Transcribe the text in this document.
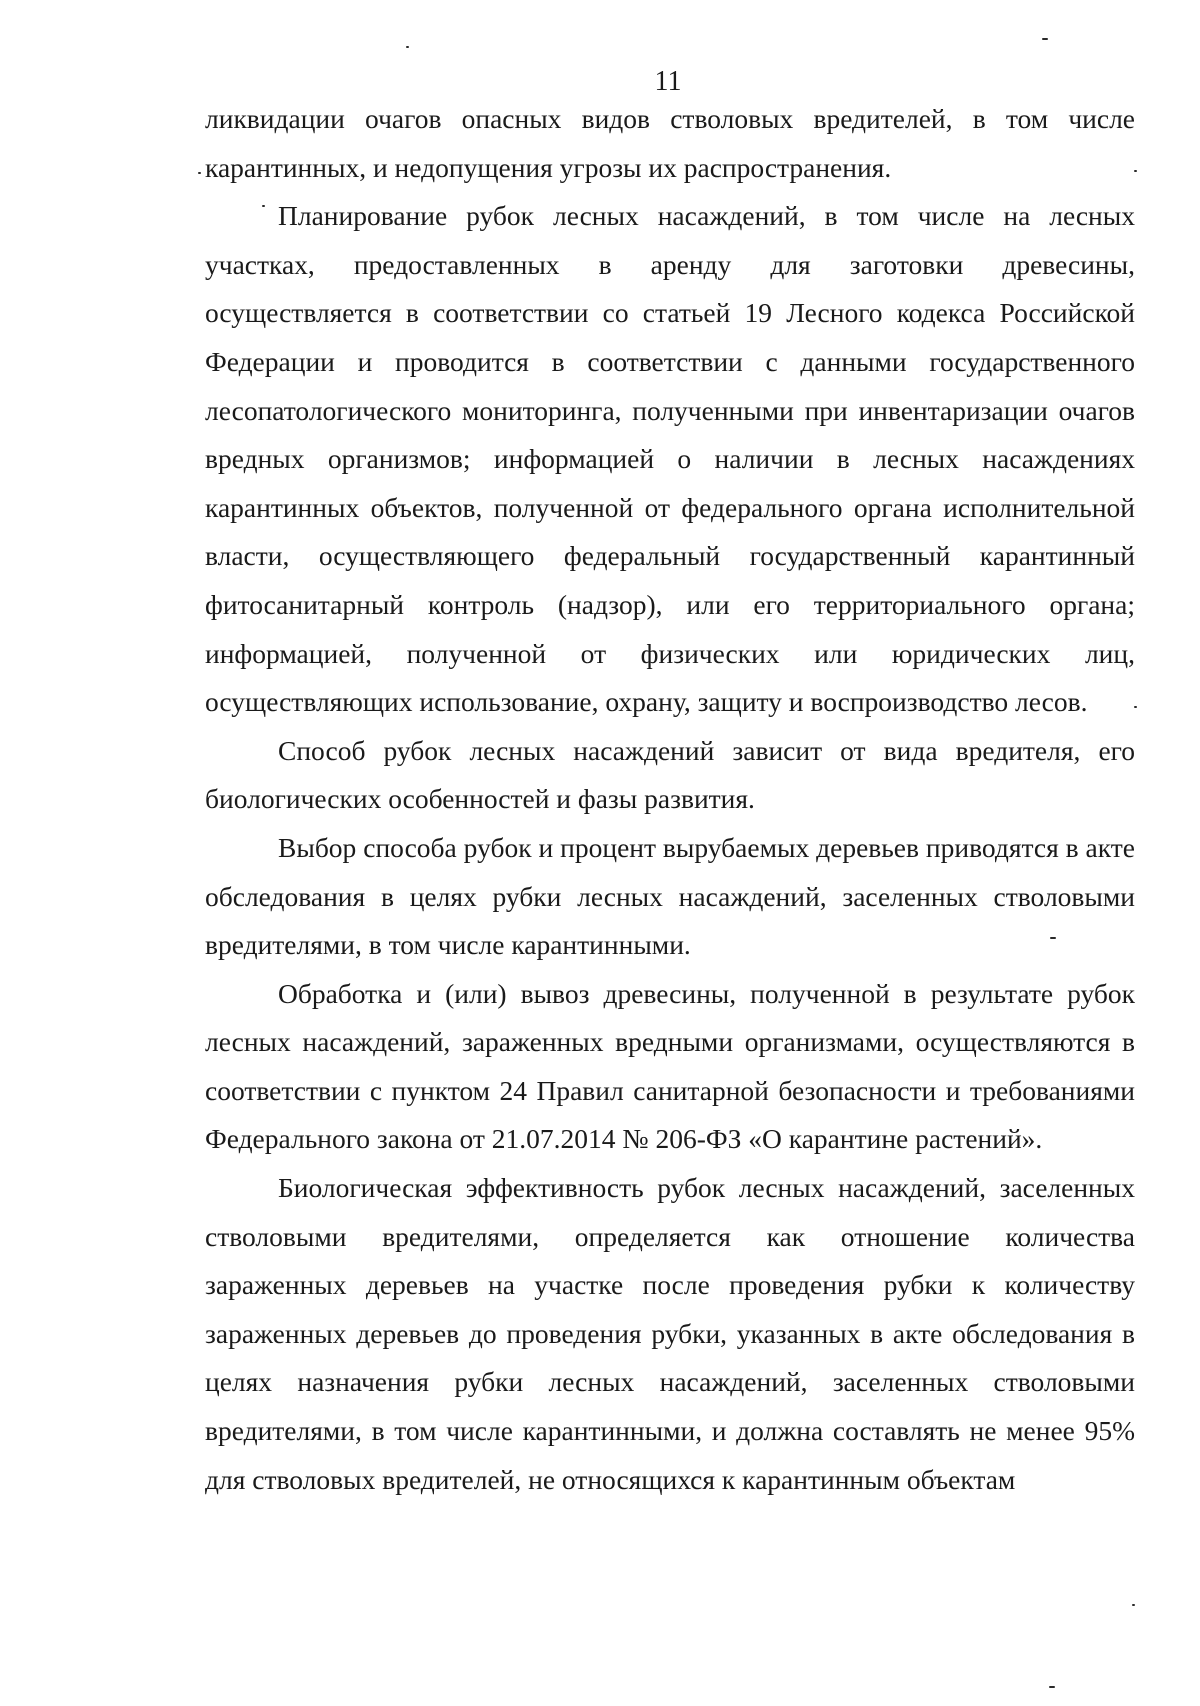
11

ликвидации очагов опасных видов стволовых вредителей, в том числе карантинных, и недопущения угрозы их распространения.

Планирование рубок лесных насаждений, в том числе на лесных участках, предоставленных в аренду для заготовки древесины, осуществляется в соответствии со статьей 19 Лесного кодекса Российской Федерации и проводится в соответствии с данными государственного лесопатологического мониторинга, полученными при инвентаризации очагов вредных организмов; информацией о наличии в лесных насаждениях карантинных объектов, полученной от федерального органа исполнительной власти, осуществляющего федеральный государственный карантинный фитосанитарный контроль (надзор), или его территориального органа; информацией, полученной от физических или юридических лиц, осуществляющих использование, охрану, защиту и воспроизводство лесов.

Способ рубок лесных насаждений зависит от вида вредителя, его биологических особенностей и фазы развития.

Выбор способа рубок и процент вырубаемых деревьев приводятся в акте обследования в целях рубки лесных насаждений, заселенных стволовыми вредителями, в том числе карантинными.

Обработка и (или) вывоз древесины, полученной в результате рубок лесных насаждений, зараженных вредными организмами, осуществляются в соответствии с пунктом 24 Правил санитарной безопасности и требованиями Федерального закона от 21.07.2014 № 206-ФЗ «О карантине растений».

Биологическая эффективность рубок лесных насаждений, заселенных стволовыми вредителями, определяется как отношение количества зараженных деревьев на участке после проведения рубки к количеству зараженных деревьев до проведения рубки, указанных в акте обследования в целях назначения рубки лесных насаждений, заселенных стволовыми вредителями, в том числе карантинными, и должна составлять не менее 95% для стволовых вредителей, не относящихся к карантинным объектам
